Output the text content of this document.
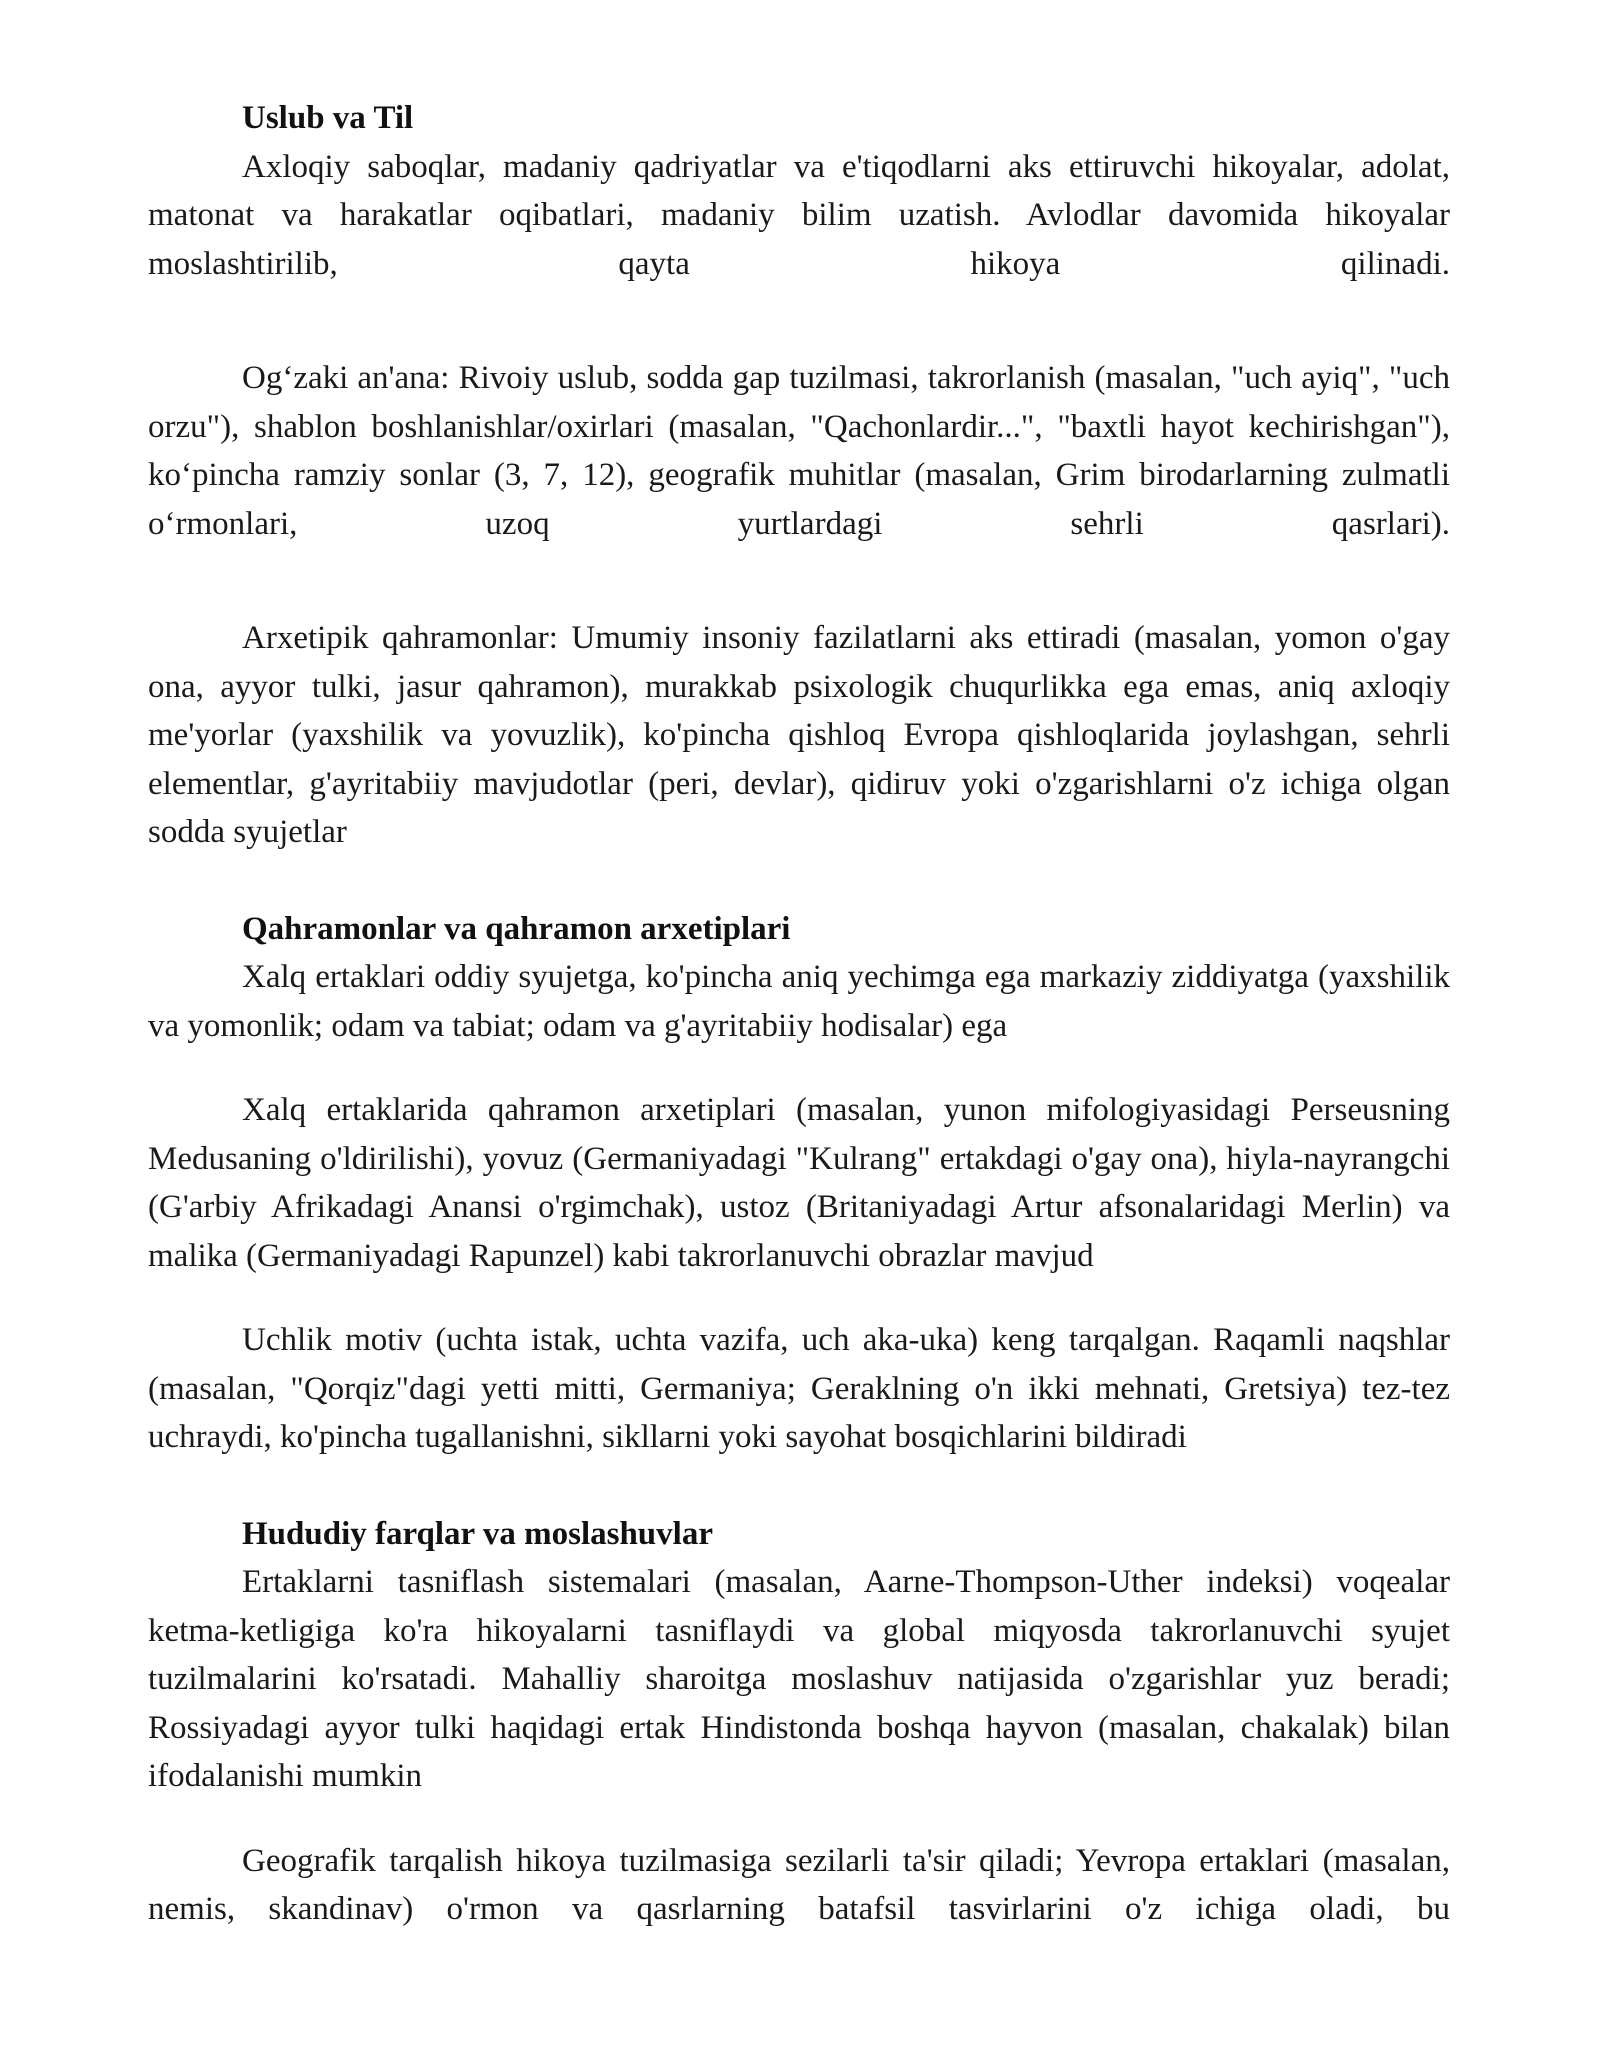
Uslub va Til

Axloqiy saboqlar, madaniy qadriyatlar va e'tiqodlarni aks ettiruvchi hikoyalar, adolat, matonat va harakatlar oqibatlari, madaniy bilim uzatish. Avlodlar davomida hikoyalar moslashtirilib, qayta hikoya qilinadi.

Og‘zaki an'ana: Rivoiy uslub, sodda gap tuzilmasi, takrorlanish (masalan, "uch ayiq", "uch orzu"), shablon boshlanishlar/oxirlari (masalan, "Qachonlardir...", "baxtli hayot kechirishgan"), ko‘pincha ramziy sonlar (3, 7, 12), geografik muhitlar (masalan, Grim birodarlarning zulmatli o‘rmonlari, uzoq yurtlardagi sehrli qasrlari).

Arxetipik qahramonlar: Umumiy insoniy fazilatlarni aks ettiradi (masalan, yomon o'gay ona, ayyor tulki, jasur qahramon), murakkab psixologik chuqurlikka ega emas, aniq axloqiy me'yorlar (yaxshilik va yovuzlik), ko'pincha qishloq Evropa qishloqlarida joylashgan, sehrli elementlar, g'ayritabiiy mavjudotlar (peri, devlar), qidiruv yoki o'zgarishlarni o'z ichiga olgan sodda syujetlar

Qahramonlar va qahramon arxetiplari

Xalq ertaklari oddiy syujetga, ko'pincha aniq yechimga ega markaziy ziddiyatga (yaxshilik va yomonlik; odam va tabiat; odam va g'ayritabiiy hodisalar) ega

Xalq ertaklarida qahramon arxetiplari (masalan, yunon mifologiyasidagi Perseusning Medusaning o'ldirilishi), yovuz (Germaniyadagi "Kulrang" ertakdagi o'gay ona), hiyla-nayrangchi (G'arbiy Afrikadagi Anansi o'rgimchak), ustoz (Britaniyadagi Artur afsonalaridagi Merlin) va malika (Germaniyadagi Rapunzel) kabi takrorlanuvchi obrazlar mavjud

Uchlik motiv (uchta istak, uchta vazifa, uch aka-uka) keng tarqalgan. Raqamli naqshlar (masalan, "Qorqiz"dagi yetti mitti, Germaniya; Geraklning o'n ikki mehnati, Gretsiya) tez-tez uchraydi, ko'pincha tugallanishni, sikllarni yoki sayohat bosqichlarini bildiradi

Hududiy farqlar va moslashuvlar

Ertaklarni tasniflash sistemalari (masalan, Aarne-Thompson-Uther indeksi) voqealar ketma-ketligiga ko'ra hikoyalarni tasniflaydi va global miqyosda takrorlanuvchi syujet tuzilmalarini ko'rsatadi. Mahalliy sharoitga moslashuv natijasida o'zgarishlar yuz beradi; Rossiyadagi ayyor tulki haqidagi ertak Hindistonda boshqa hayvon (masalan, chakalak) bilan ifodalanishi mumkin

Geografik tarqalish hikoya tuzilmasiga sezilarli ta'sir qiladi; Yevropa ertaklari (masalan, nemis, skandinav) o'rmon va qasrlarning batafsil tasvirlarini o'z ichiga oladi, bu
